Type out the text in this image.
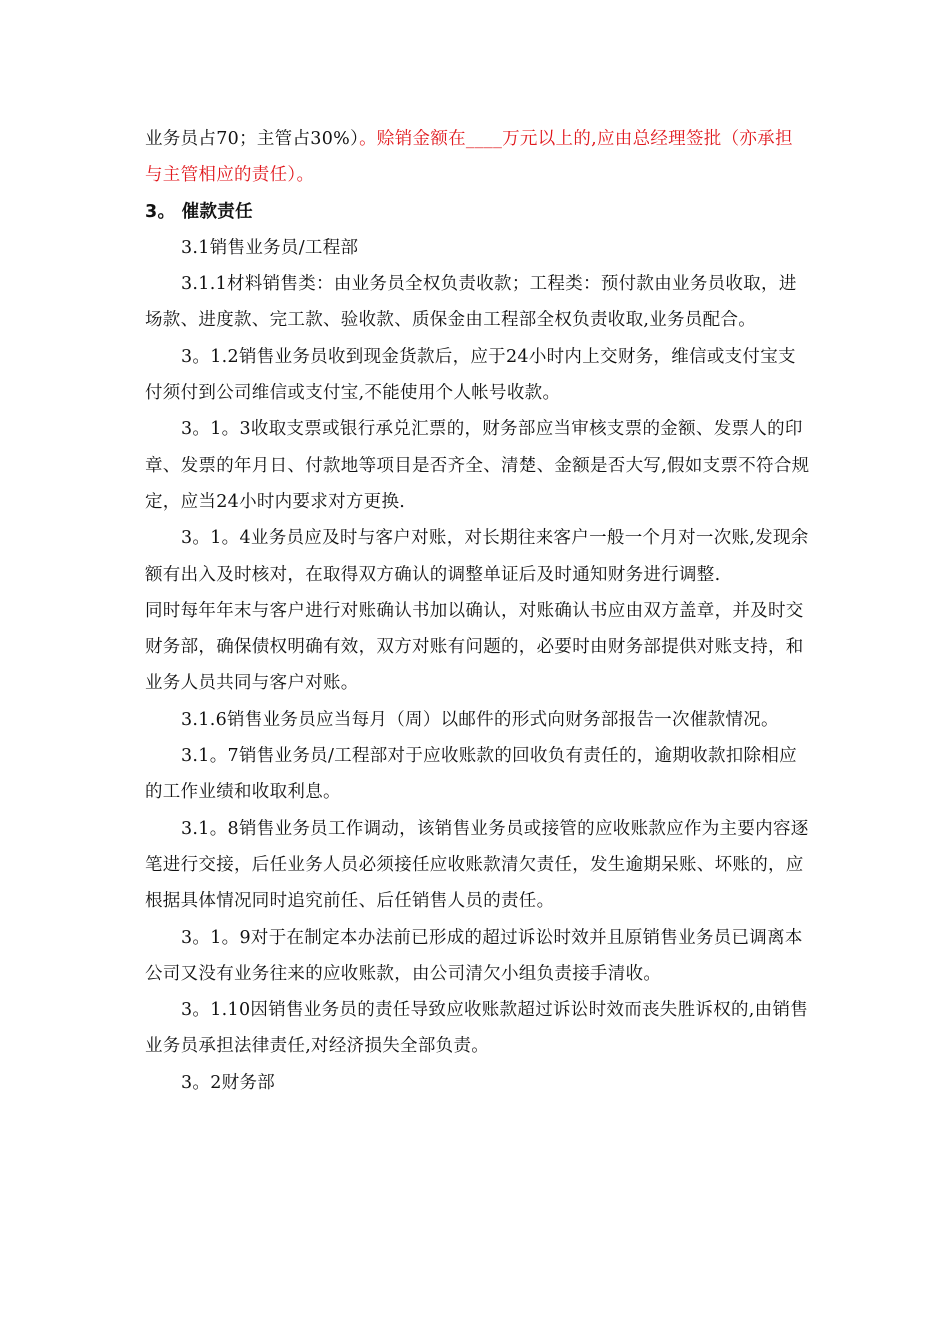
业务员占70；主管占30%）。赊销金额在____万元以上的,应由总经理签批（亦承担与主管相应的责任）。

3。 催款责任

3.1销售业务员/工程部

3.1.1材料销售类：由业务员全权负责收款；工程类：预付款由业务员收取，进场款、进度款、完工款、验收款、质保金由工程部全权负责收取,业务员配合。

3。1.2销售业务员收到现金货款后，应于24小时内上交财务，维信或支付宝支付须付到公司维信或支付宝,不能使用个人帐号收款。

3。1。3收取支票或银行承兑汇票的，财务部应当审核支票的金额、发票人的印章、发票的年月日、付款地等项目是否齐全、清楚、金额是否大写,假如支票不符合规定，应当24小时内要求对方更换.

3。1。4业务员应及时与客户对账，对长期往来客户一般一个月对一次账,发现余额有出入及时核对，在取得双方确认的调整单证后及时通知财务进行调整.

同时每年年末与客户进行对账确认书加以确认，对账确认书应由双方盖章，并及时交财务部，确保债权明确有效，双方对账有问题的，必要时由财务部提供对账支持，和业务人员共同与客户对账。

3.1.6销售业务员应当每月（周）以邮件的形式向财务部报告一次催款情况。

3.1。7销售业务员/工程部对于应收账款的回收负有责任的，逾期收款扣除相应的工作业绩和收取利息。

3.1。8销售业务员工作调动，该销售业务员或接管的应收账款应作为主要内容逐笔进行交接，后任业务人员必须接任应收账款清欠责任，发生逾期呆账、坏账的，应根据具体情况同时追究前任、后任销售人员的责任。

3。1。9对于在制定本办法前已形成的超过诉讼时效并且原销售业务员已调离本公司又没有业务往来的应收账款，由公司清欠小组负责接手清收。

3。1.10因销售业务员的责任导致应收账款超过诉讼时效而丧失胜诉权的,由销售业务员承担法律责任,对经济损失全部负责。

3。2财务部
